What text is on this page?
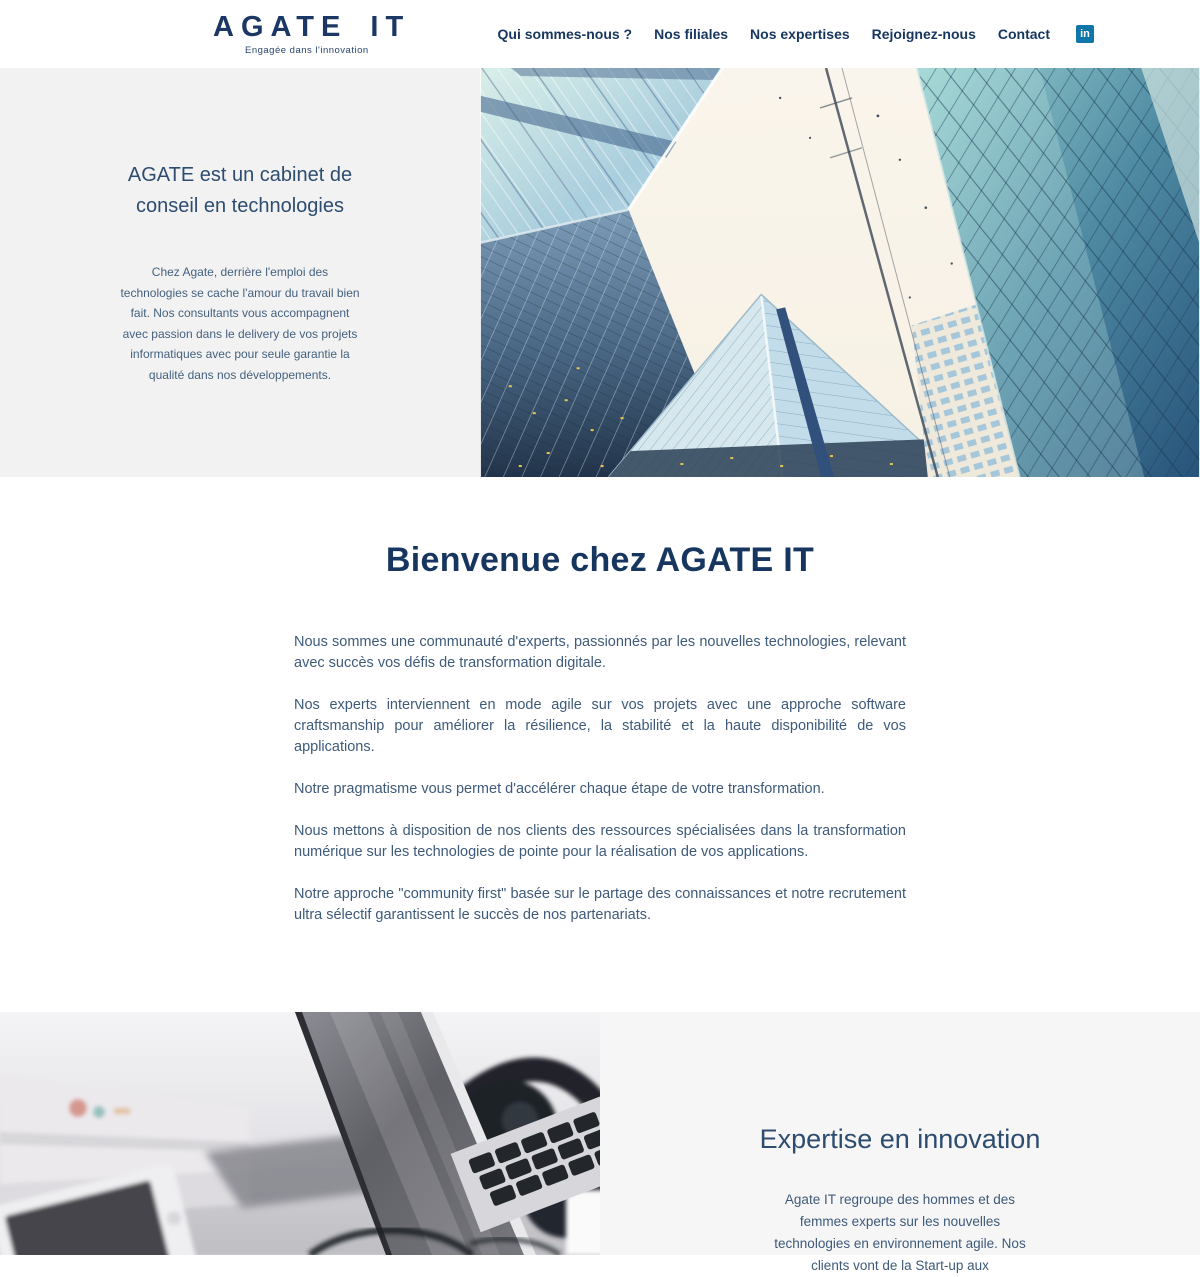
AGATE IT
Engagée dans l'innovation
Qui sommes-nous ? Nos filiales Nos expertises Rejoignez-nous Contact	in
AGATE est un cabinet de conseil en technologies

Chez Agate, derrière l'emploi des technologies se cache l'amour du travail bien fait. Nos consultants vous accompagnent avec passion dans le delivery de vos projets informatiques avec pour seule garantie la qualité dans nos développements.

Bienvenue chez AGATE IT

Nous sommes une communauté d'experts, passionnés par les nouvelles technologies, relevant avec succès vos défis de transformation digitale.

Nos experts interviennent en mode agile sur vos projets avec une approche software craftsmanship pour améliorer la résilience, la stabilité et la haute disponibilité de vos applications.

Notre pragmatisme vous permet d'accélérer chaque étape de votre transformation.

Nous mettons à disposition de nos clients des ressources spécialisées dans la transformation numérique sur les technologies de pointe pour la réalisation de vos applications.

Notre approche "community first" basée sur le partage des connaissances et notre recrutement ultra sélectif garantissent le succès de nos partenariats.

Expertise en innovation

Agate IT regroupe des hommes et des femmes experts sur les nouvelles technologies en environnement agile. Nos clients vont de la Start-up aux
